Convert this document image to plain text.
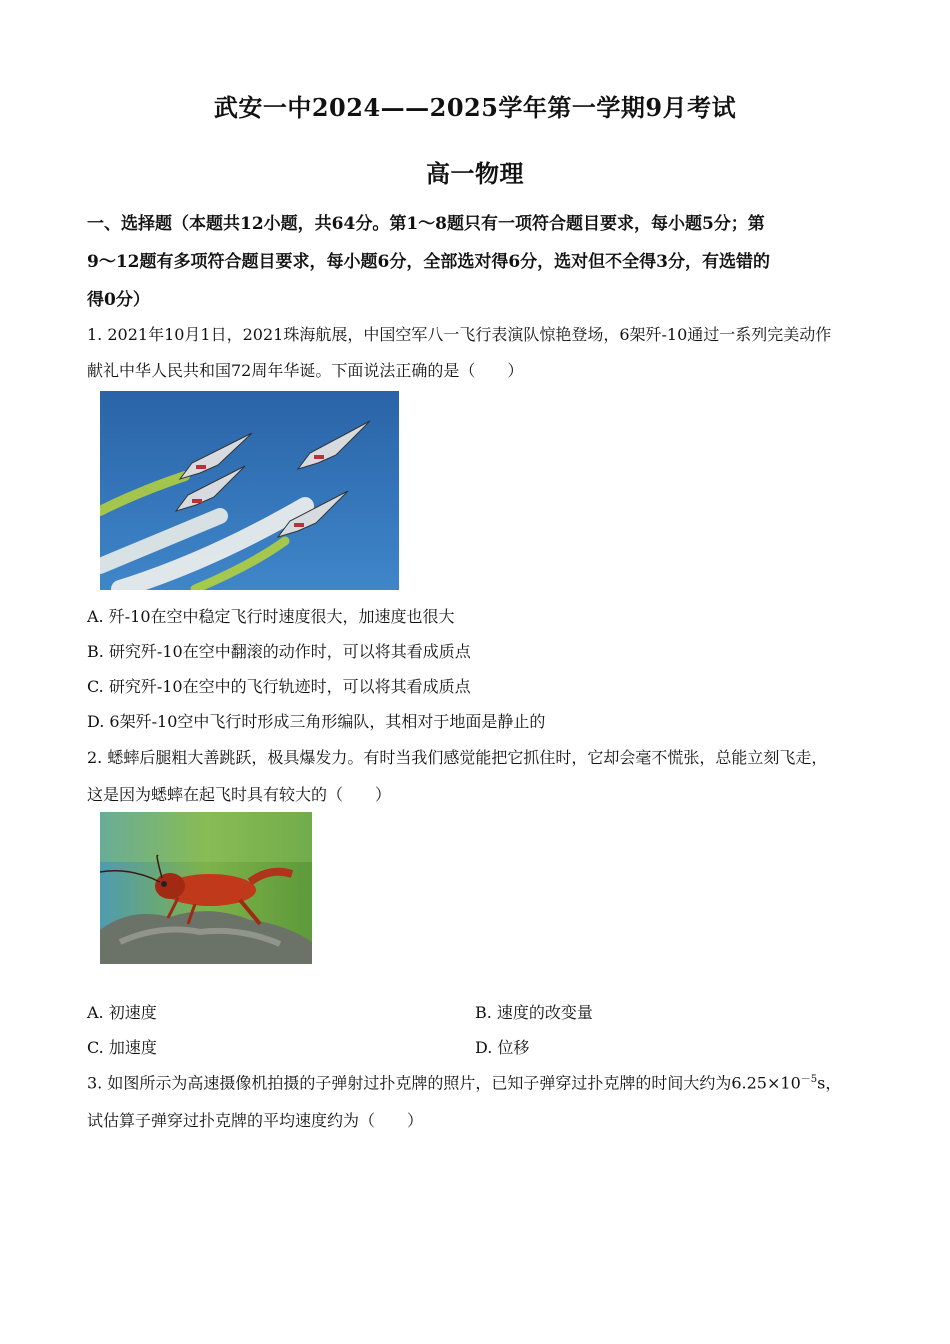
武安一中2024——2025学年第一学期9月考试
高一物理
一、选择题（本题共12小题，共64分。第1～8题只有一项符合题目要求，每小题5分；第
9～12题有多项符合题目要求，每小题6分，全部选对得6分，选对但不全得3分，有选错的
得0分）
1. 2021年10月1日，2021珠海航展，中国空军八一飞行表演队惊艳登场，6架歼-10通过一系列完美动作
献礼中华人民共和国72周年华诞。下面说法正确的是（　　）
A. 歼-10在空中稳定飞行时速度很大，加速度也很大
B. 研究歼-10在空中翻滚的动作时，可以将其看成质点
C. 研究歼-10在空中的飞行轨迹时，可以将其看成质点
D. 6架歼-10空中飞行时形成三角形编队，其相对于地面是静止的
2. 蟋蟀后腿粗大善跳跃，极具爆发力。有时当我们感觉能把它抓住时，它却会毫不慌张，总能立刻飞走，
这是因为蟋蟀在起飞时具有较大的（　　）
A. 初速度	B. 速度的改变量
C. 加速度	D. 位移
3. 如图所示为高速摄像机拍摄的子弹射过扑克牌的照片，已知子弹穿过扑克牌的时间大约为$6.25\times 10^{-5}s$，
试估算子弹穿过扑克牌的平均速度约为（　　）
